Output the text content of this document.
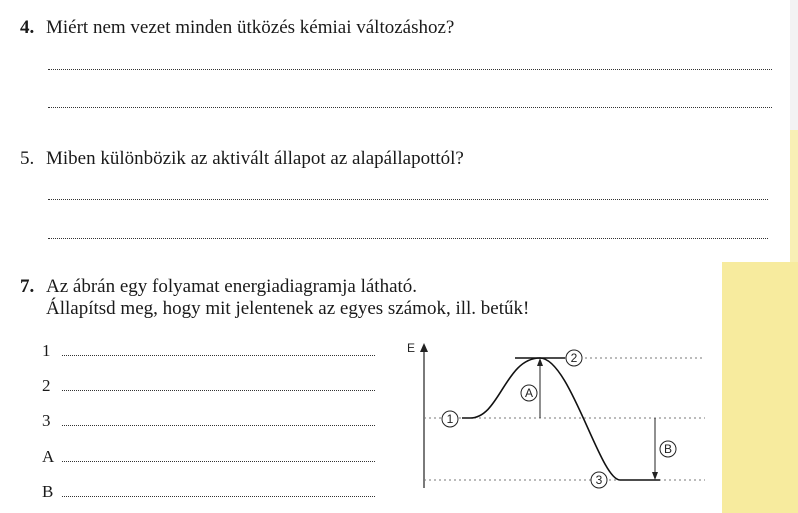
4. Miért nem vezet minden ütközés kémiai változáshoz?
5. Miben különbözik az aktivált állapot az alapállapottól?
7. Az ábrán egy folyamat energiadiagramja látható.
Állapítsd meg, hogy mit jelentenek az egyes számok, ill. betűk!
1
2
3
A
B
E
1
2
3
A
B
